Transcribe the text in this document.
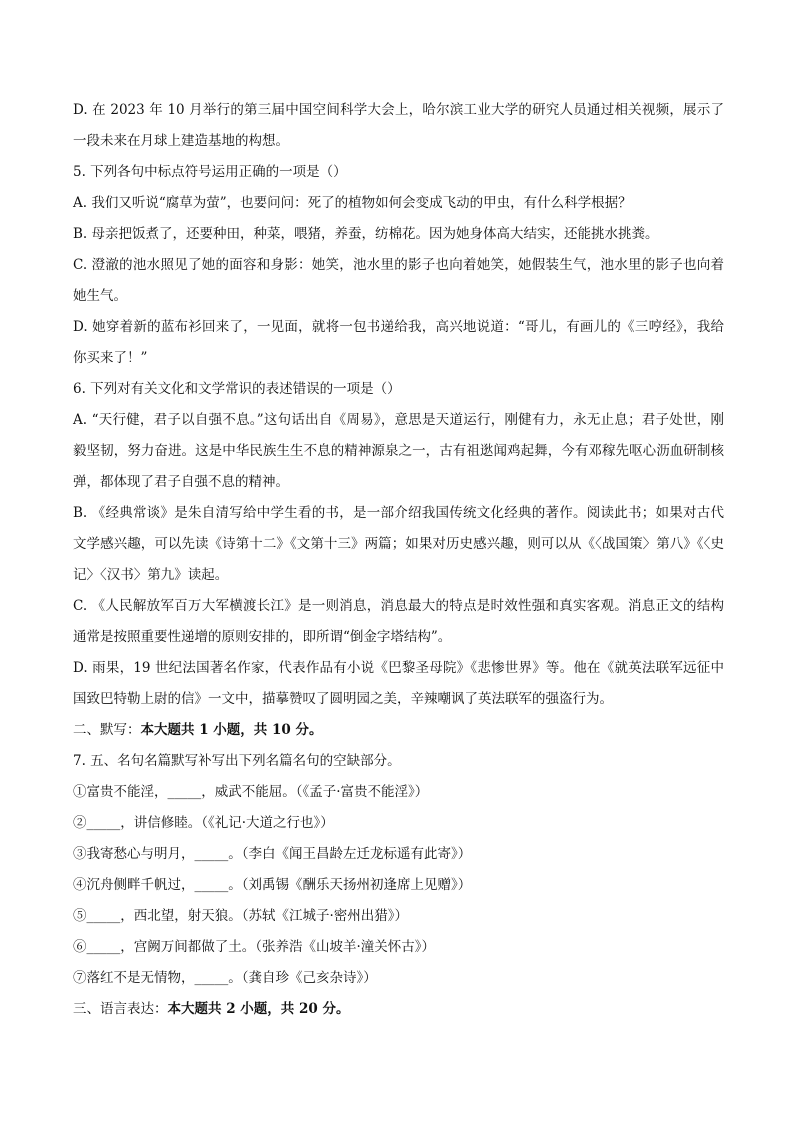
D. 在 2023 年 10 月举行的第三届中国空间科学大会上，哈尔滨工业大学的研究人员通过相关视频，展示了一段未来在月球上建造基地的构想。

5. 下列各句中标点符号运用正确的一项是（）

A. 我们又听说“腐草为萤”，也要问问：死了的植物如何会变成飞动的甲虫，有什么科学根据？

B. 母亲把饭煮了，还要种田，种菜，喂猪，养蚕，纺棉花。因为她身体高大结实，还能挑水挑粪。

C. 澄澈的池水照见了她的面容和身影：她笑，池水里的影子也向着她笑，她假装生气，池水里的影子也向着她生气。

D. 她穿着新的蓝布衫回来了，一见面，就将一包书递给我，高兴地说道：“哥儿，有画儿的《三哼经》，我给你买来了！”

6. 下列对有关文化和文学常识的表述错误的一项是（）

A. “天行健，君子以自强不息。”这句话出自《周易》，意思是天道运行，刚健有力，永无止息；君子处世，刚毅坚韧，努力奋进。这是中华民族生生不息的精神源泉之一，古有祖逖闻鸡起舞，今有邓稼先呕心沥血研制核弹，都体现了君子自强不息的精神。

B. 《经典常谈》是朱自清写给中学生看的书，是一部介绍我国传统文化经典的著作。阅读此书；如果对古代文学感兴趣，可以先读《诗第十二》《文第十三》两篇；如果对历史感兴趣，则可以从《〈战国策〉第八》《〈史记〉〈汉书〉第九》读起。

C. 《人民解放军百万大军横渡长江》是一则消息，消息最大的特点是时效性强和真实客观。消息正文的结构通常是按照重要性递增的原则安排的，即所谓“倒金字塔结构”。

D. 雨果，19 世纪法国著名作家，代表作品有小说《巴黎圣母院》《悲惨世界》等。他在《就英法联军远征中国致巴特勒上尉的信》一文中，描摹赞叹了圆明园之美，辛辣嘲讽了英法联军的强盗行为。

二、默写：本大题共 1 小题，共 10 分。

7. 五、名句名篇默写补写出下列名篇名句的空缺部分。

①富贵不能淫，_____，威武不能屈。（《孟子·富贵不能淫》）

②_____，讲信修睦。（《礼记·大道之行也》）

③我寄愁心与明月，_____。（李白《闻王昌龄左迁龙标遥有此寄》）

④沉舟侧畔千帆过，_____。（刘禹锡《酬乐天扬州初逢席上见赠》）

⑤_____，西北望，射天狼。（苏轼《江城子·密州出猎》）

⑥_____，宫阙万间都做了土。（张养浩《山坡羊·潼关怀古》）

⑦落红不是无情物，_____。（龚自珍《己亥杂诗》）

三、语言表达：本大题共 2 小题，共 20 分。
